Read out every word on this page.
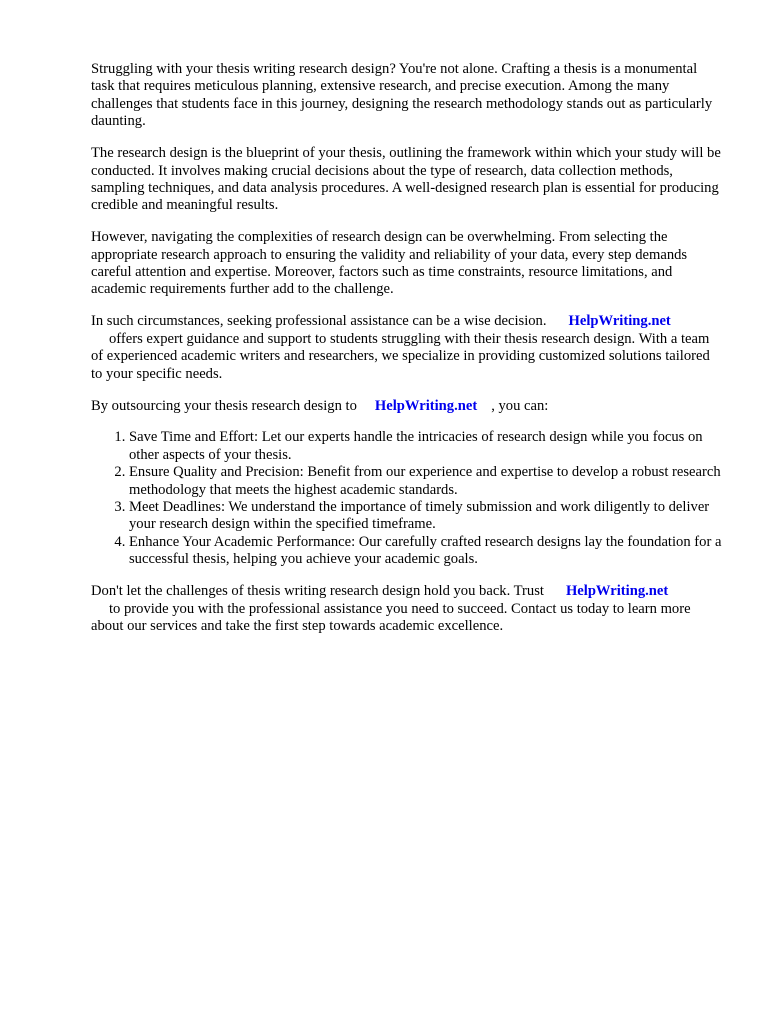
Struggling with your thesis writing research design? You're not alone. Crafting a thesis is a monumental task that requires meticulous planning, extensive research, and precise execution. Among the many challenges that students face in this journey, designing the research methodology stands out as particularly daunting.

The research design is the blueprint of your thesis, outlining the framework within which your study will be conducted. It involves making crucial decisions about the type of research, data collection methods, sampling techniques, and data analysis procedures. A well-designed research plan is essential for producing credible and meaningful results.

However, navigating the complexities of research design can be overwhelming. From selecting the appropriate research approach to ensuring the validity and reliability of your data, every step demands careful attention and expertise. Moreover, factors such as time constraints, resource limitations, and academic requirements further add to the challenge.

In such circumstances, seeking professional assistance can be a wise decision. HelpWriting.net
offers expert guidance and support to students struggling with their thesis research design. With a team of experienced academic writers and researchers, we specialize in providing customized solutions tailored to your specific needs.

By outsourcing your thesis research design to HelpWriting.net , you can:

1. Save Time and Effort: Let our experts handle the intricacies of research design while you focus on other aspects of your thesis.
2. Ensure Quality and Precision: Benefit from our experience and expertise to develop a robust research methodology that meets the highest academic standards.
3. Meet Deadlines: We understand the importance of timely submission and work diligently to deliver your research design within the specified timeframe.
4. Enhance Your Academic Performance: Our carefully crafted research designs lay the foundation for a successful thesis, helping you achieve your academic goals.

Don't let the challenges of thesis writing research design hold you back. Trust HelpWriting.net
to provide you with the professional assistance you need to succeed. Contact us today to learn more about our services and take the first step towards academic excellence.
